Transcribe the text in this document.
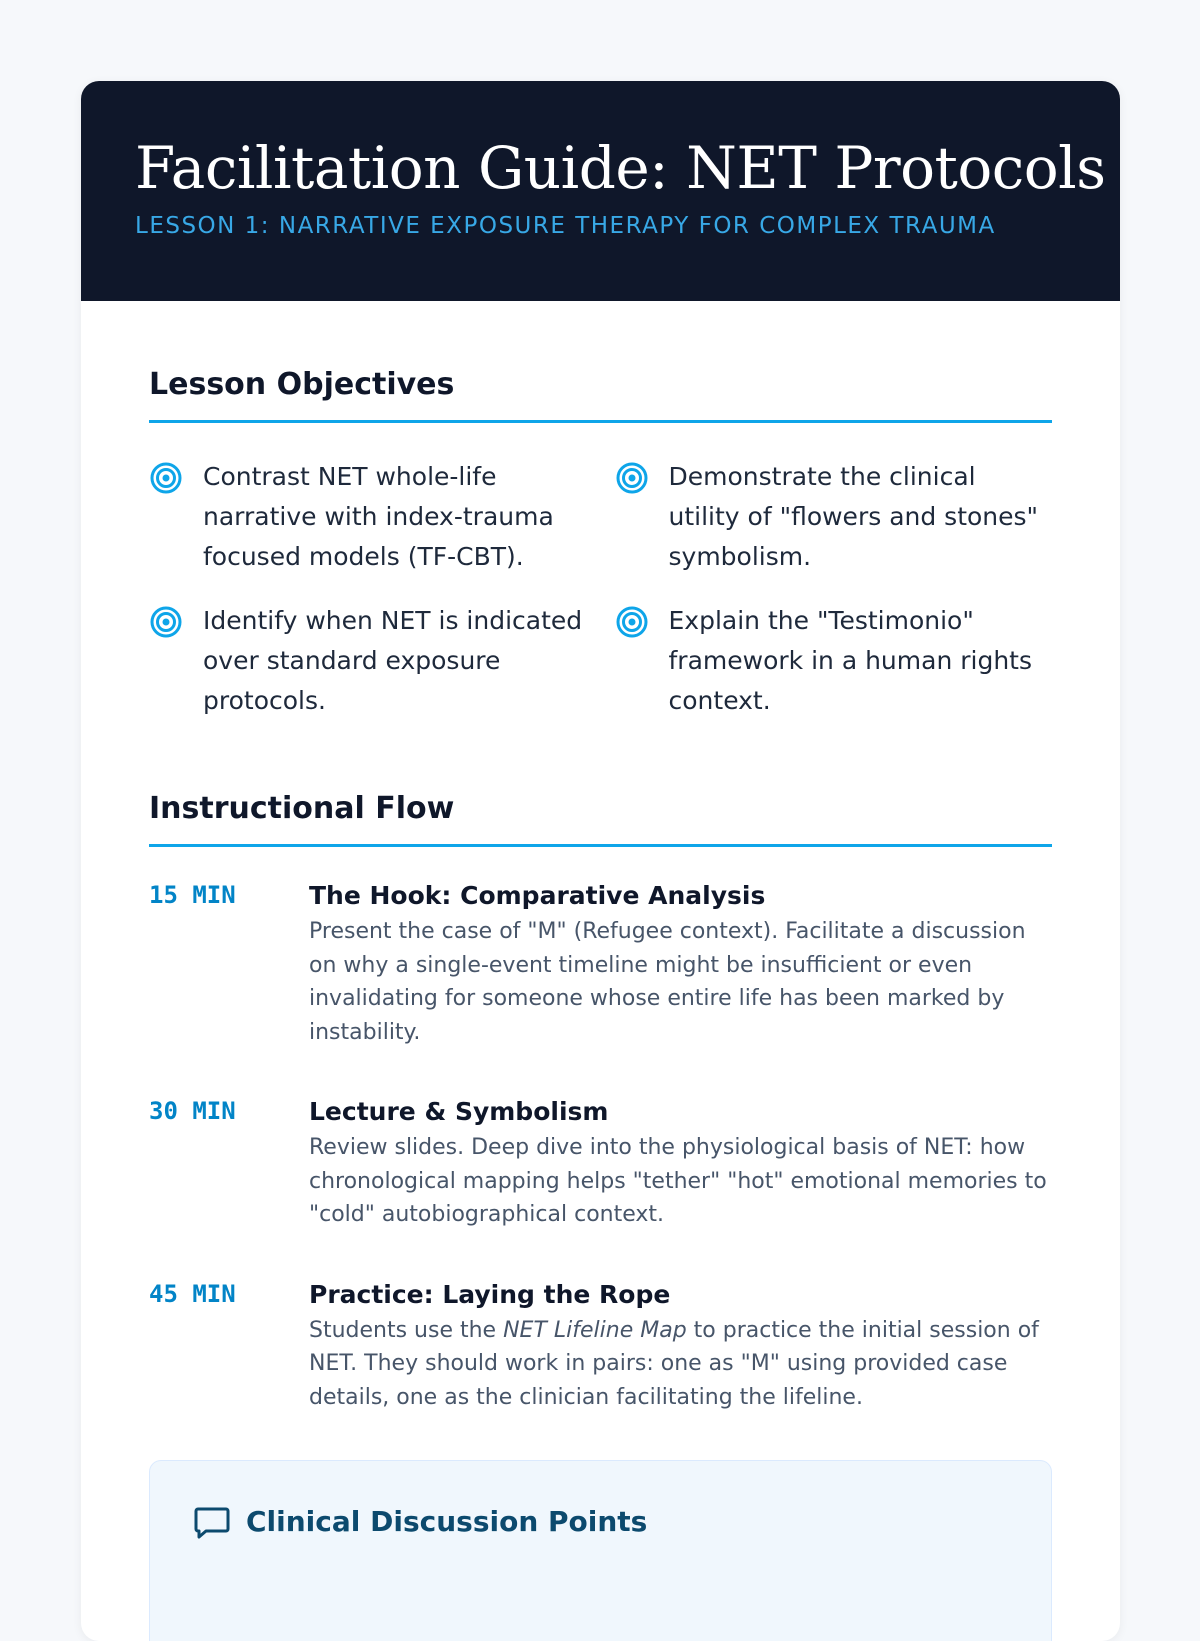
Facilitation Guide: NET Protocols
LESSON 1: NARRATIVE EXPOSURE THERAPY FOR COMPLEX TRAUMA
Lesson Objectives
Contrast NET whole-life narrative with index-trauma focused models (TF-CBT).
Demonstrate the clinical utility of "flowers and stones" symbolism.
Identify when NET is indicated over standard exposure protocols.
Explain the "Testimonio" framework in a human rights context.
Instructional Flow
15 MIN	The Hook: Comparative Analysis
Present the case of "M" (Refugee context). Facilitate a discussion on why a single-event timeline might be insufficient or even invalidating for someone whose entire life has been marked by instability.
30 MIN	Lecture & Symbolism
Review slides. Deep dive into the physiological basis of NET: how chronological mapping helps "tether" "hot" emotional memories to "cold" autobiographical context.
45 MIN	Practice: Laying the Rope
Students use the NET Lifeline Map to practice the initial session of NET. They should work in pairs: one as "M" using provided case details, one as the clinician facilitating the lifeline.
Clinical Discussion Points
